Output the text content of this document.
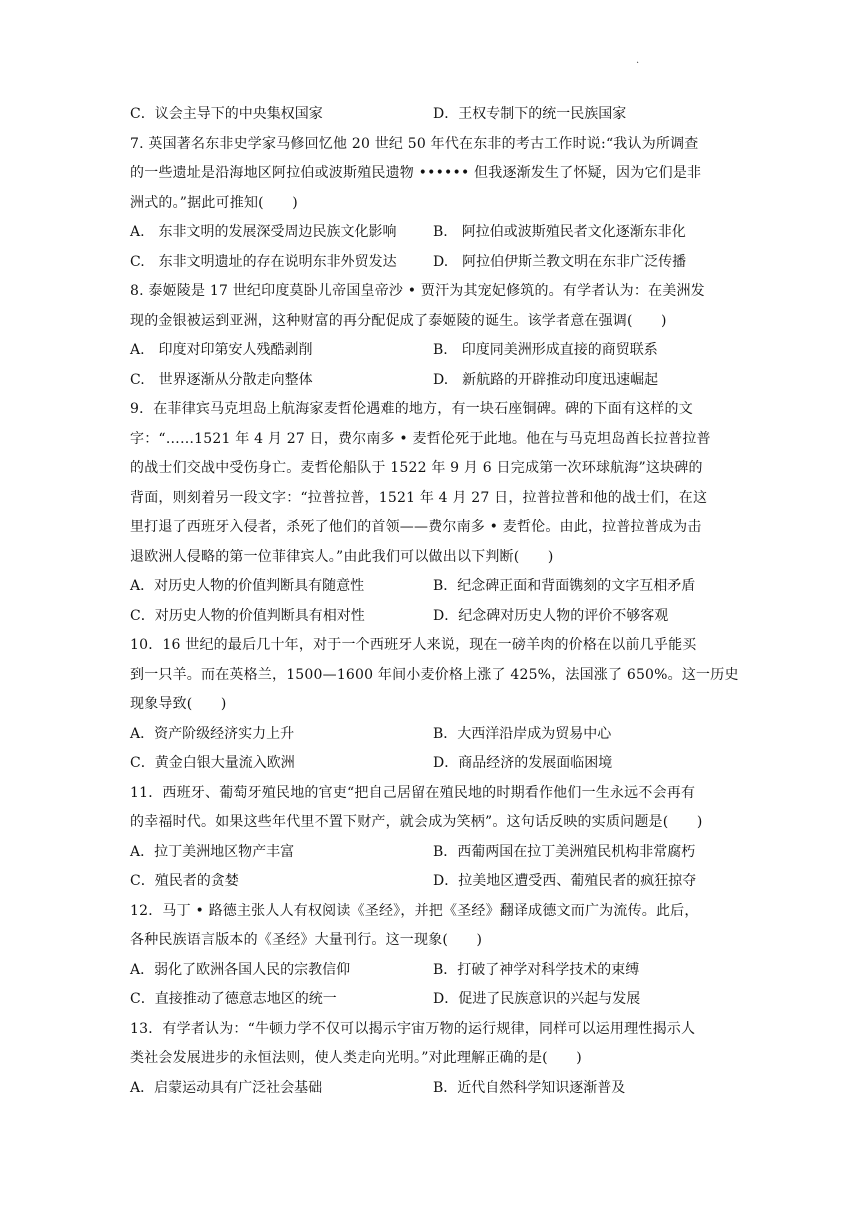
·
C．议会主导下的中央集权国家	D．王权专制下的统一民族国家
7. 英国著名东非史学家马修回忆他 20 世纪 50 年代在东非的考古工作时说:“我认为所调查
的一些遗址是沿海地区阿拉伯或波斯殖民遗物 •••••• 但我逐渐发生了怀疑，因为它们是非
洲式的。”据此可推知(　　)
A.　东非文明的发展深受周边民族文化影响	B.　阿拉伯或波斯殖民者文化逐渐东非化
C.　东非文明遗址的存在说明东非外贸发达	D.　阿拉伯伊斯兰教文明在东非广泛传播
8. 泰姬陵是 17 世纪印度莫卧儿帝国皇帝沙 • 贾汗为其宠妃修筑的。有学者认为：在美洲发
现的金银被运到亚洲，这种财富的再分配促成了泰姬陵的诞生。该学者意在强调(　　)
A.　印度对印第安人残酷剥削	B.　印度同美洲形成直接的商贸联系
C.　世界逐渐从分散走向整体	D.　新航路的开辟推动印度迅速崛起
9．在菲律宾马克坦岛上航海家麦哲伦遇难的地方，有一块石座铜碑。碑的下面有这样的文
字：“……1521 年 4 月 27 日，费尔南多 • 麦哲伦死于此地。他在与马克坦岛酋长拉普拉普
的战士们交战中受伤身亡。麦哲伦船队于 1522 年 9 月 6 日完成第一次环球航海”这块碑的
背面，则刻着另一段文字：“拉普拉普，1521 年 4 月 27 日，拉普拉普和他的战士们，在这
里打退了西班牙入侵者，杀死了他们的首领——费尔南多 • 麦哲伦。由此，拉普拉普成为击
退欧洲人侵略的第一位菲律宾人。”由此我们可以做出以下判断(　　)
A．对历史人物的价值判断具有随意性	B．纪念碑正面和背面镌刻的文字互相矛盾
C．对历史人物的价值判断具有相对性	D．纪念碑对历史人物的评价不够客观
10．16 世纪的最后几十年，对于一个西班牙人来说，现在一磅羊肉的价格在以前几乎能买
到一只羊。而在英格兰，1500—1600 年间小麦价格上涨了 425%，法国涨了 650%。这一历史
现象导致(　　)
A．资产阶级经济实力上升	B．大西洋沿岸成为贸易中心
C．黄金白银大量流入欧洲	D．商品经济的发展面临困境
11．西班牙、葡萄牙殖民地的官吏“把自己居留在殖民地的时期看作他们一生永远不会再有
的幸福时代。如果这些年代里不置下财产，就会成为笑柄”。这句话反映的实质问题是(　　)
A．拉丁美洲地区物产丰富	B．西葡两国在拉丁美洲殖民机构非常腐朽
C．殖民者的贪婪	D．拉美地区遭受西、葡殖民者的疯狂掠夺
12．马丁 • 路德主张人人有权阅读《圣经》，并把《圣经》翻译成德文而广为流传。此后，
各种民族语言版本的《圣经》大量刊行。这一现象(　　)
A．弱化了欧洲各国人民的宗教信仰	B．打破了神学对科学技术的束缚
C．直接推动了德意志地区的统一	D．促进了民族意识的兴起与发展
13．有学者认为：“牛顿力学不仅可以揭示宇宙万物的运行规律，同样可以运用理性揭示人
类社会发展进步的永恒法则，使人类走向光明。”对此理解正确的是(　　)
A．启蒙运动具有广泛社会基础	B．近代自然科学知识逐渐普及
